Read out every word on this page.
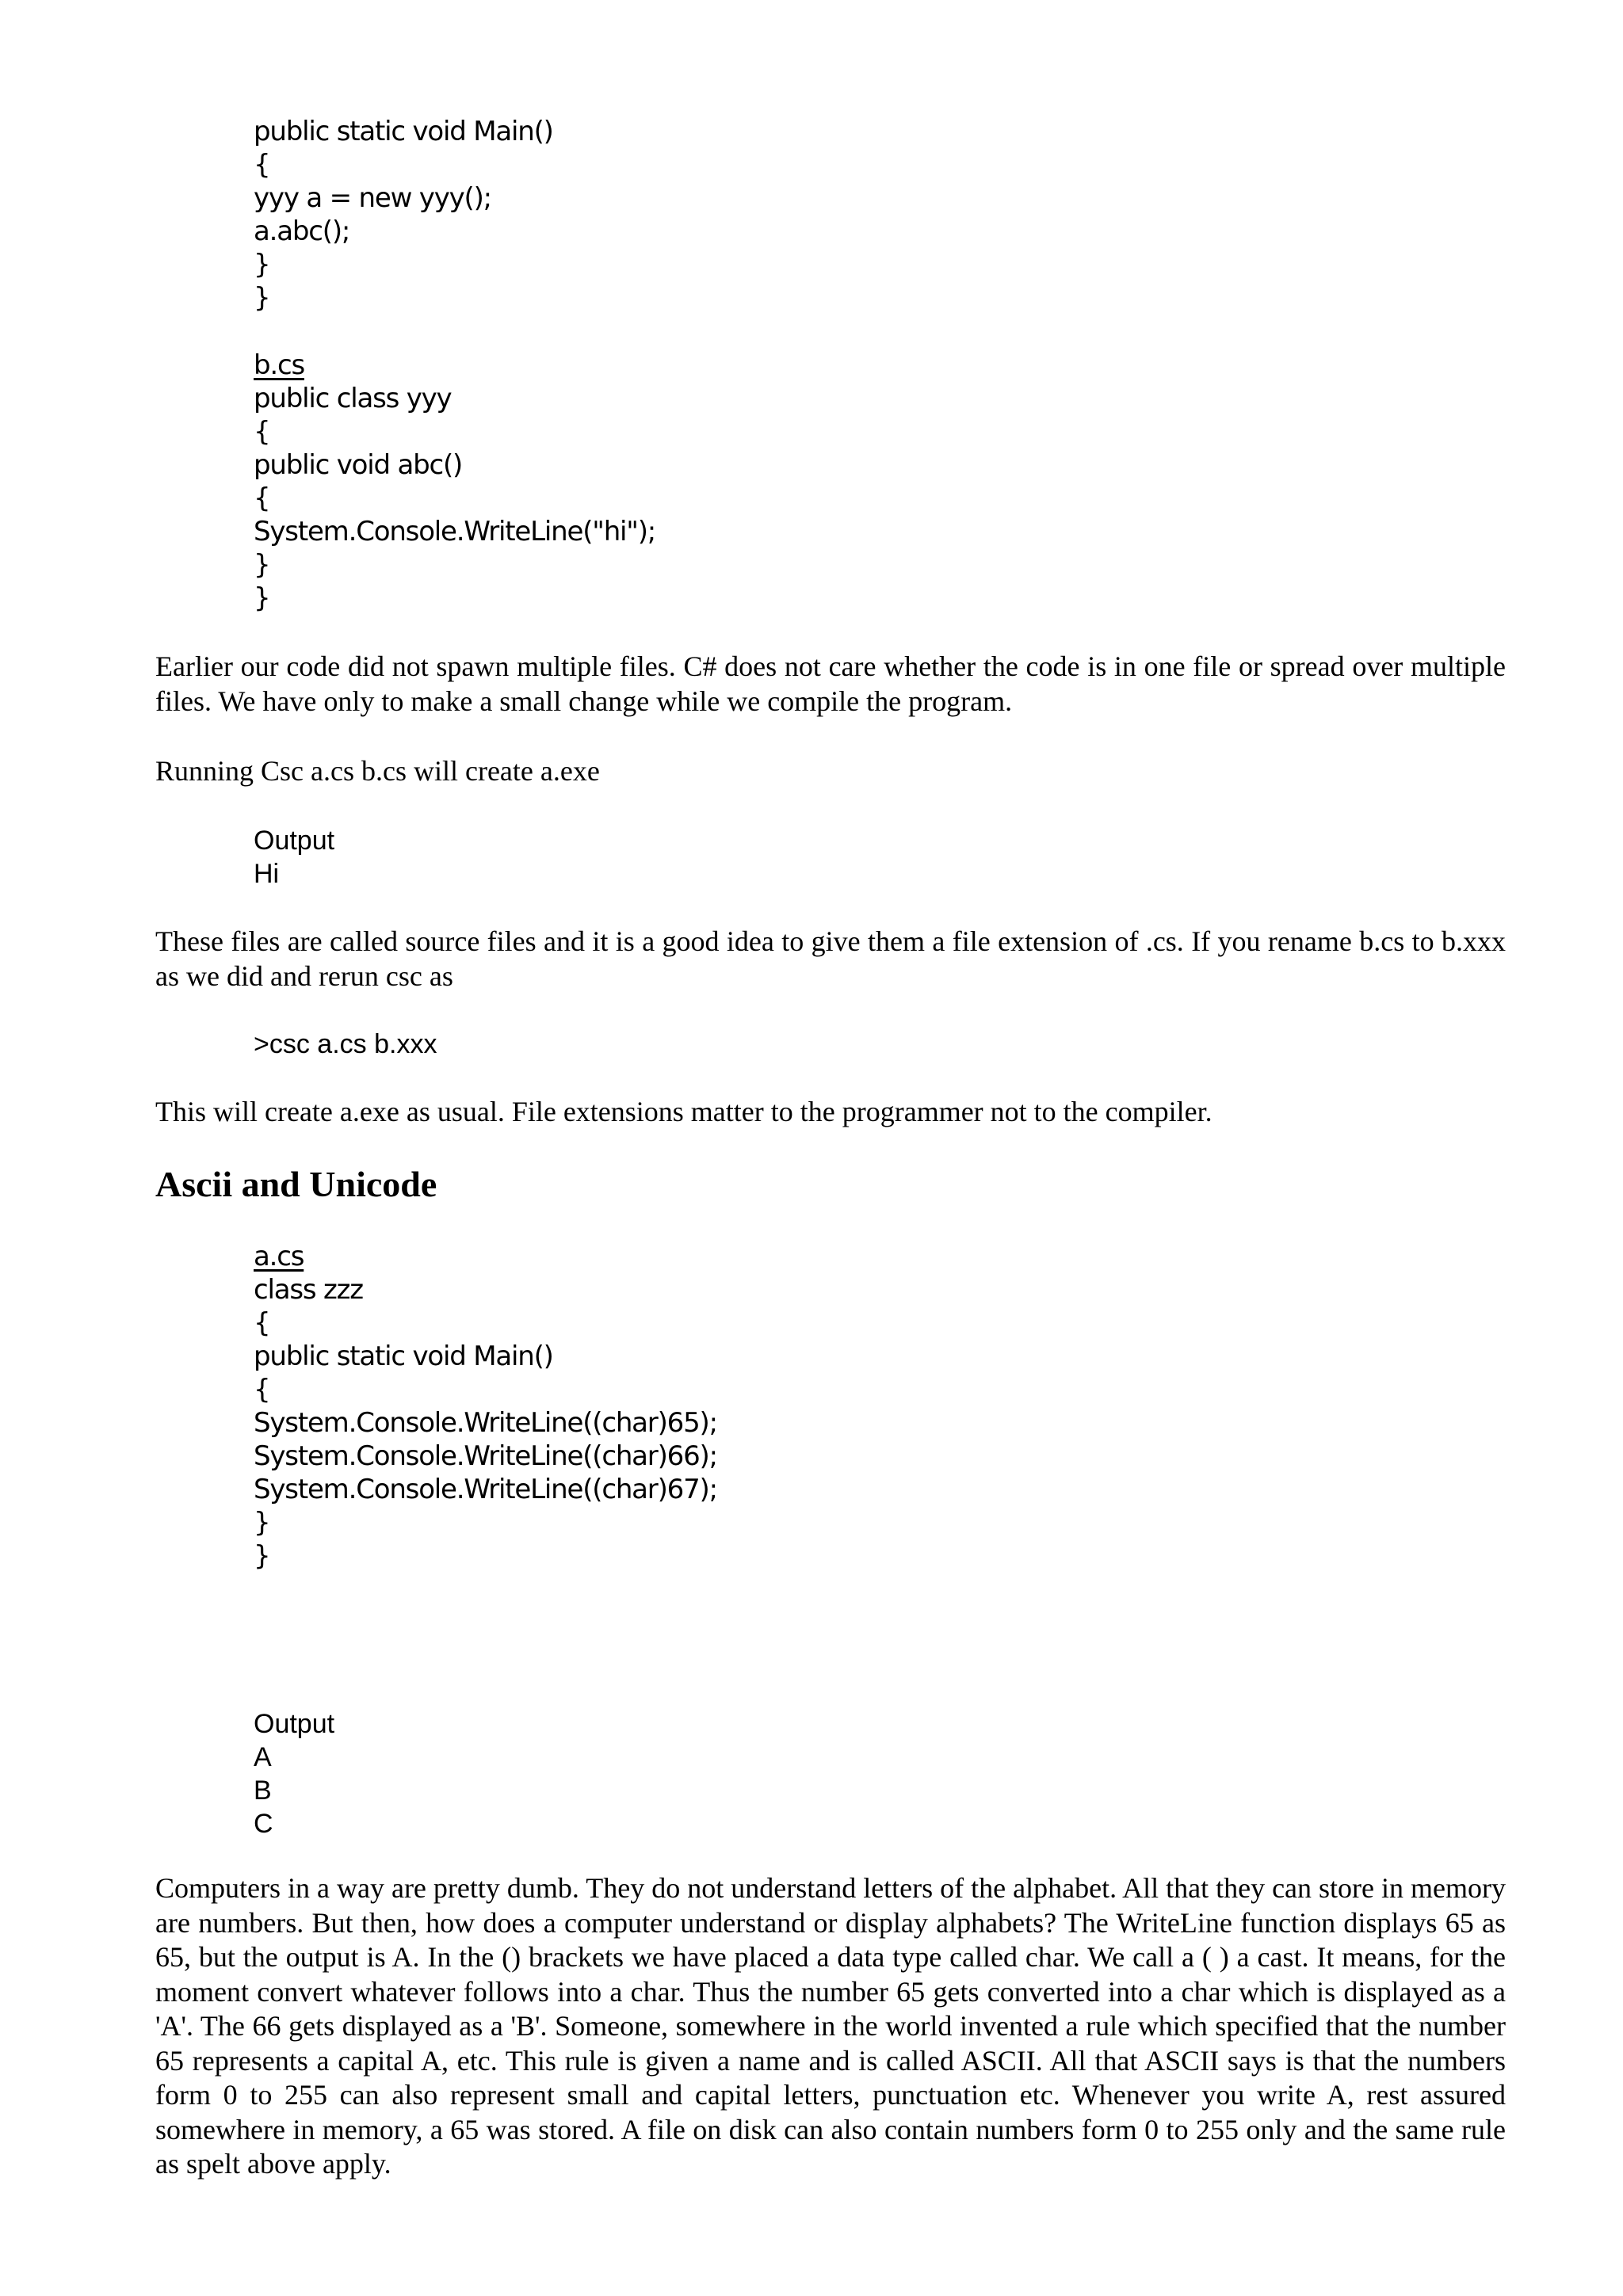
public static void Main()
{
yyy a = new yyy();
a.abc();
}
}
b.cs
public class yyy
{
public void abc()
{
System.Console.WriteLine("hi");
}
}

Earlier our code did not spawn multiple files. C# does not care whether the code is in one file or spread over multiple files. We have only to make a small change while we compile the program.

Running Csc a.cs b.cs will create a.exe

Output
Hi

These files are called source files and it is a good idea to give them a file extension of .cs. If you rename b.cs to b.xxx as we did and rerun csc as

>csc a.cs b.xxx

This will create a.exe as usual. File extensions matter to the programmer not to the compiler.

Ascii and Unicode
a.cs
class zzz
{
public static void Main()
{
System.Console.WriteLine((char)65);
System.Console.WriteLine((char)66);
System.Console.WriteLine((char)67);
}
}
Output
A
B
C

Computers in a way are pretty dumb. They do not understand letters of the alphabet. All that they can store in memory are numbers. But then, how does a computer understand or display alphabets? The WriteLine function displays 65 as 65, but the output is A. In the () brackets we have placed a data type called char. We call a ( ) a cast. It means, for the moment convert whatever follows into a char. Thus the number 65 gets converted into a char which is displayed as a 'A'. The 66 gets displayed as a 'B'. Someone, somewhere in the world invented a rule which specified that the number 65 represents a capital A, etc. This rule is given a name and is called ASCII. All that ASCII says is that the numbers form 0 to 255 can also represent small and capital letters, punctuation etc. Whenever you write A, rest assured somewhere in memory, a 65 was stored. A file on disk can also contain numbers form 0 to 255 only and the same rule as spelt above apply.
